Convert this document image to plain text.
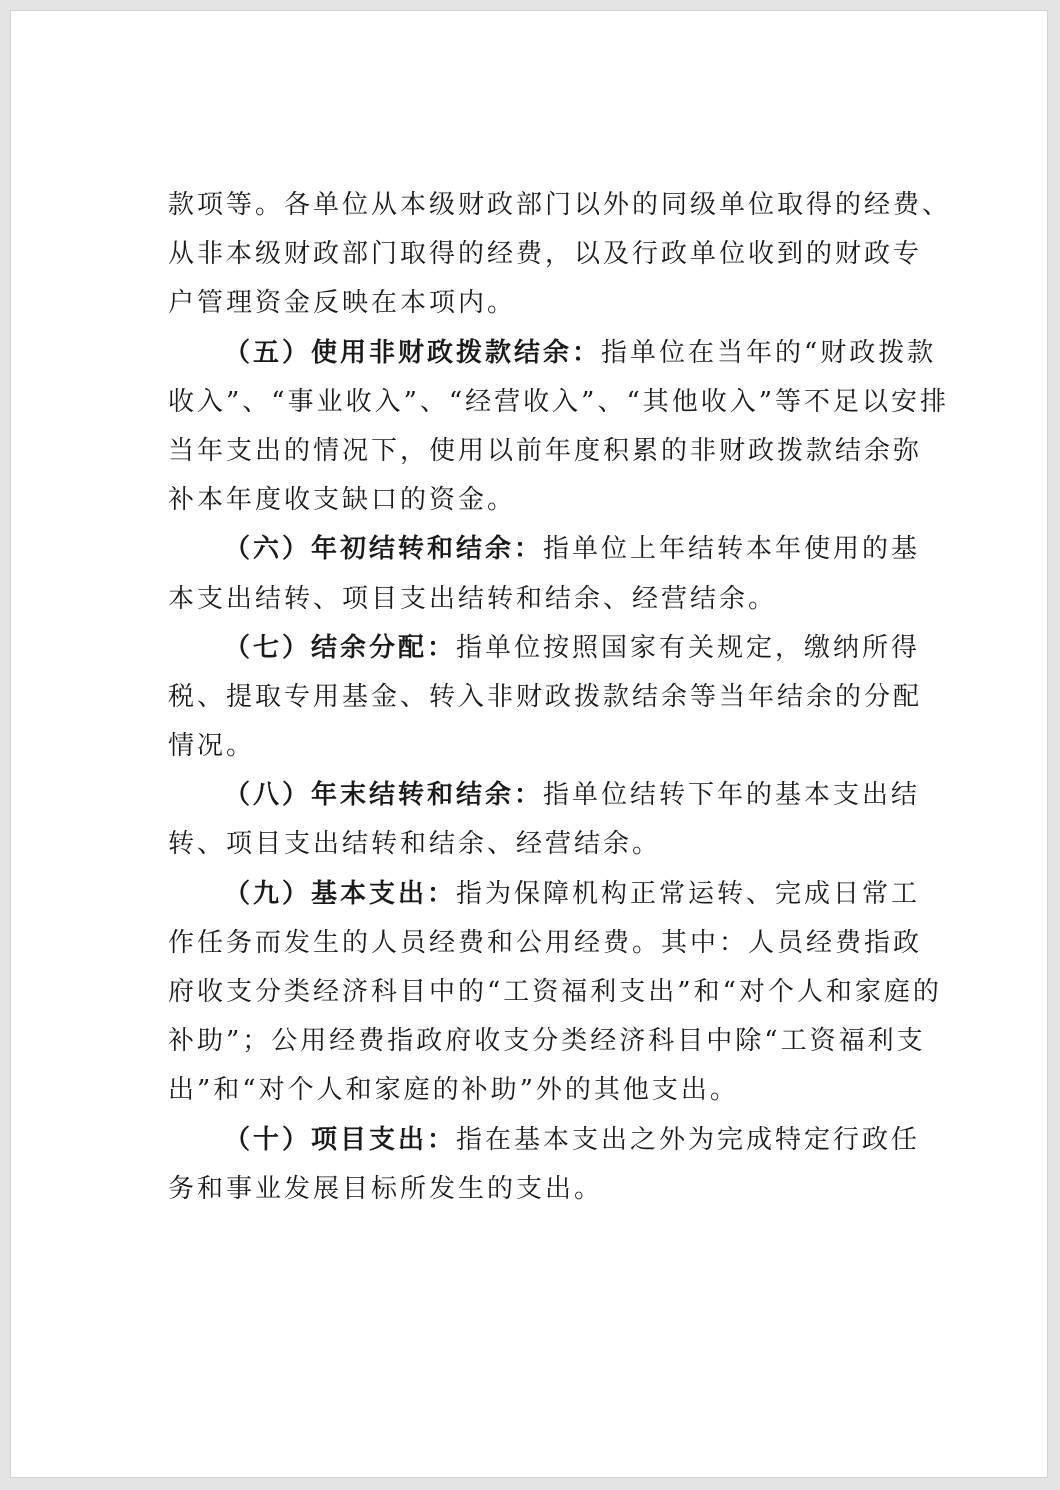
款项等。各单位从本级财政部门以外的同级单位取得的经费、
从非本级财政部门取得的经费，以及行政单位收到的财政专
户管理资金反映在本项内。
（五）使用非财政拨款结余：指单位在当年的“财政拨款
收入”、“事业收入”、“经营收入”、“其他收入”等不足以安排
当年支出的情况下，使用以前年度积累的非财政拨款结余弥
补本年度收支缺口的资金。
（六）年初结转和结余：指单位上年结转本年使用的基
本支出结转、项目支出结转和结余、经营结余。
（七）结余分配：指单位按照国家有关规定，缴纳所得
税、提取专用基金、转入非财政拨款结余等当年结余的分配
情况。
（八）年末结转和结余：指单位结转下年的基本支出结
转、项目支出结转和结余、经营结余。
（九）基本支出：指为保障机构正常运转、完成日常工
作任务而发生的人员经费和公用经费。其中：人员经费指政
府收支分类经济科目中的“工资福利支出”和“对个人和家庭的
补助”；公用经费指政府收支分类经济科目中除“工资福利支
出”和“对个人和家庭的补助”外的其他支出。
（十）项目支出：指在基本支出之外为完成特定行政任
务和事业发展目标所发生的支出。
